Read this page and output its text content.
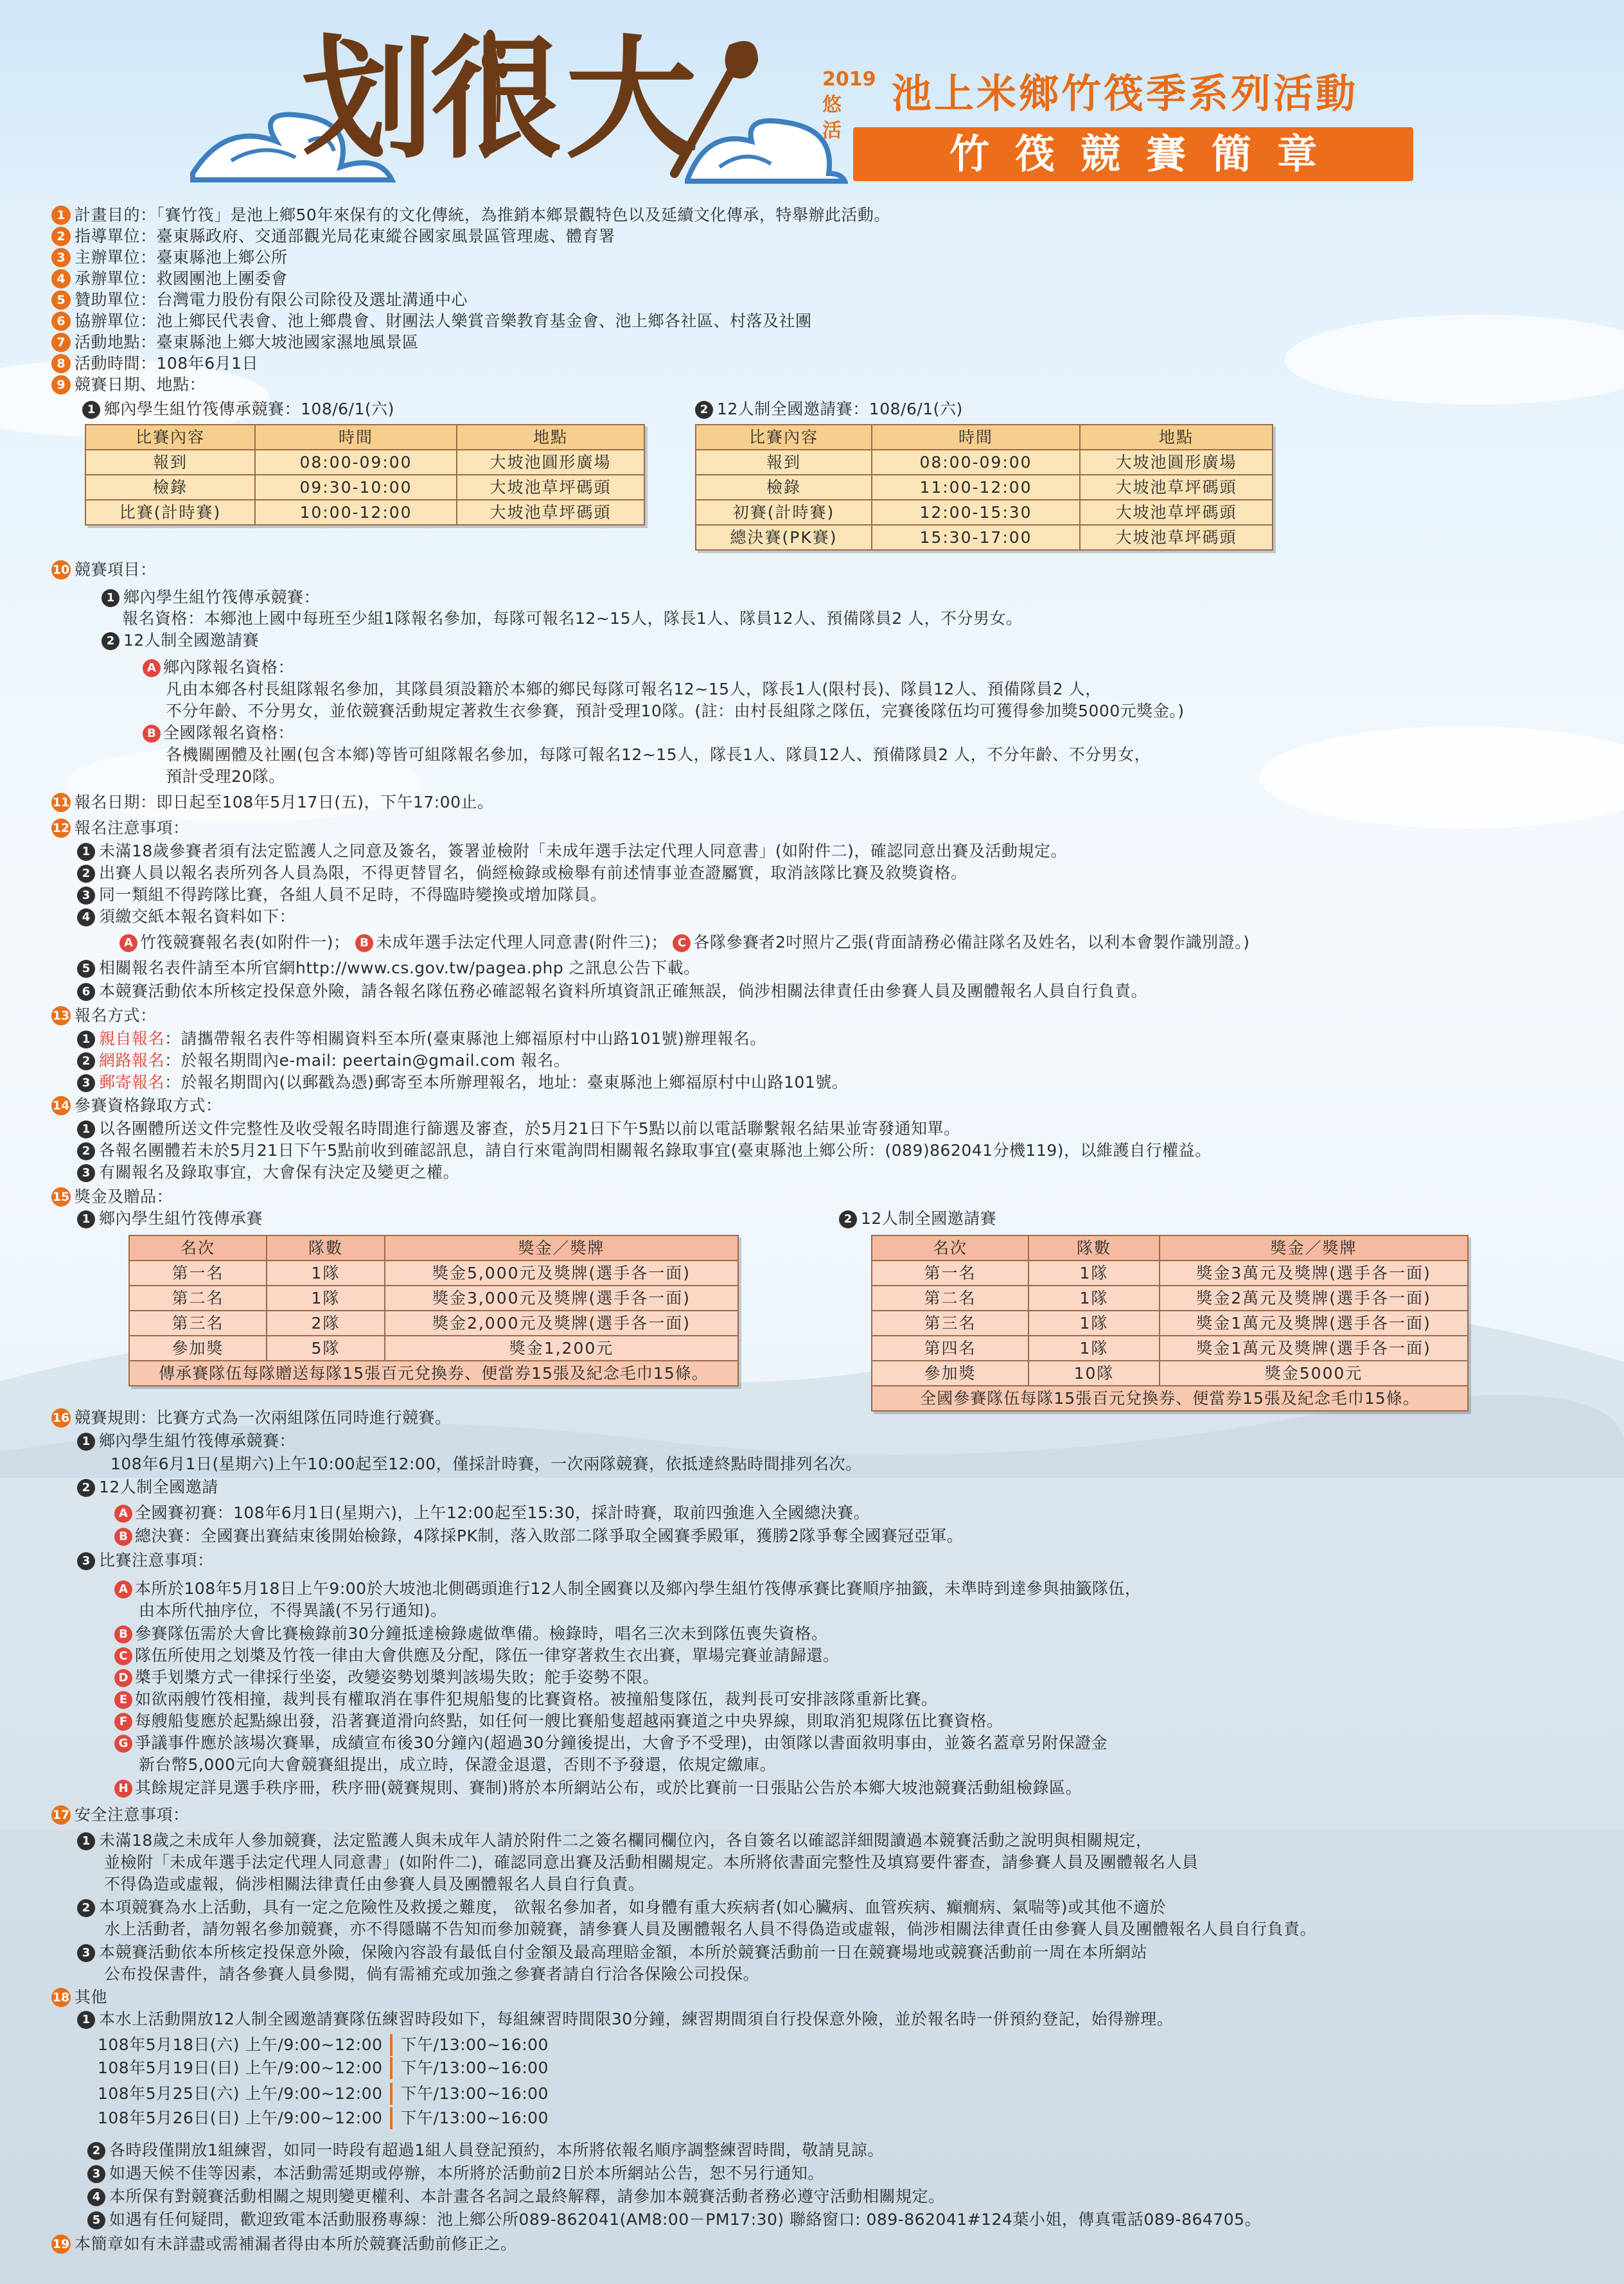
划 很 大	2019
悠活
池上米鄉竹筏季系列活動
竹筏競賽簡章
1 計畫目的：「賽竹筏」是池上鄉50年來保有的文化傳統，為推銷本鄉景觀特色以及延續文化傳承，特舉辦此活動。
2 指導單位：臺東縣政府、交通部觀光局花東縱谷國家風景區管理處、體育署
3 主辦單位：臺東縣池上鄉公所
4 承辦單位：救國團池上團委會
5 贊助單位：台灣電力股份有限公司除役及選址溝通中心
6 協辦單位：池上鄉民代表會、池上鄉農會、財團法人樂賞音樂教育基金會、池上鄉各社區、村落及社團
7 活動地點：臺東縣池上鄉大坡池國家濕地風景區
8 活動時間：108年6月1日
9 競賽日期、地點：
1 鄉內學生組竹筏傳承競賽：108/6/1(六)	2 12人制全國邀請賽：108/6/1(六)
比賽內容	時間	地點
報到	08:00-09:00	大坡池圓形廣場
檢錄	09:30-10:00	大坡池草坪碼頭
比賽(計時賽)	10:00-12:00	大坡池草坪碼頭
比賽內容	時間	地點
報到	08:00-09:00	大坡池圓形廣場
檢錄	11:00-12:00	大坡池草坪碼頭
初賽(計時賽)	12:00-15:30	大坡池草坪碼頭
總決賽(PK賽)	15:30-17:00	大坡池草坪碼頭
10 競賽項目：
1 鄉內學生組竹筏傳承競賽：
報名資格：本鄉池上國中每班至少組1隊報名參加，每隊可報名12~15人，隊長1人、隊員12人、預備隊員2 人，不分男女。
2 12人制全國邀請賽
A 鄉內隊報名資格：
凡由本鄉各村長組隊報名參加，其隊員須設籍於本鄉的鄉民每隊可報名12~15人，隊長1人(限村長)、隊員12人、預備隊員2 人，
不分年齡、不分男女，並依競賽活動規定著救生衣參賽，預計受理10隊。(註：由村長組隊之隊伍，完賽後隊伍均可獲得參加獎5000元獎金。)
B 全國隊報名資格：
各機關團體及社團(包含本鄉)等皆可組隊報名參加，每隊可報名12~15人，隊長1人、隊員12人、預備隊員2 人，不分年齡、不分男女，
預計受理20隊。
11 報名日期：即日起至108年5月17日(五)，下午17:00止。
12 報名注意事項：
1 未滿18歲參賽者須有法定監護人之同意及簽名，簽署並檢附「未成年選手法定代理人同意書」(如附件二)，確認同意出賽及活動規定。
2 出賽人員以報名表所列各人員為限，不得更替冒名，倘經檢錄或檢舉有前述情事並查證屬實，取消該隊比賽及敘獎資格。
3 同一類組不得跨隊比賽，各組人員不足時，不得臨時變換或增加隊員。
4 須繳交紙本報名資料如下：
A 竹筏競賽報名表(如附件一)； B 未成年選手法定代理人同意書(附件三)； C 各隊參賽者2吋照片乙張(背面請務必備註隊名及姓名，以利本會製作識別證。)
5 相關報名表件請至本所官網http://www.cs.gov.tw/pagea.php 之訊息公告下載。
6 本競賽活動依本所核定投保意外險，請各報名隊伍務必確認報名資料所填資訊正確無誤，倘涉相關法律責任由參賽人員及團體報名人員自行負責。
13 報名方式：
1 親自報名：請攜帶報名表件等相關資料至本所(臺東縣池上鄉福原村中山路101號)辦理報名。
2 網路報名：於報名期間內e-mail: peertain@gmail.com 報名。
3 郵寄報名：於報名期間內(以郵戳為憑)郵寄至本所辦理報名，地址：臺東縣池上鄉福原村中山路101號。
14 參賽資格錄取方式：
1 以各團體所送文件完整性及收受報名時間進行篩選及審查，於5月21日下午5點以前以電話聯繫報名結果並寄發通知單。
2 各報名團體若未於5月21日下午5點前收到確認訊息，請自行來電詢問相關報名錄取事宜(臺東縣池上鄉公所：(089)862041分機119)，以維護自行權益。
3 有關報名及錄取事宜，大會保有決定及變更之權。
15 獎金及贈品：
1 鄉內學生組竹筏傳承賽	2 12人制全國邀請賽
名次	隊數	獎金／獎牌
第一名	1隊	獎金5,000元及獎牌(選手各一面)
第二名	1隊	獎金3,000元及獎牌(選手各一面)
第三名	2隊	獎金2,000元及獎牌(選手各一面)
參加獎	5隊	獎金1,200元
傳承賽隊伍每隊贈送每隊15張百元兌換券、便當券15張及紀念毛巾15條。		
名次	隊數	獎金／獎牌
第一名	1隊	獎金3萬元及獎牌(選手各一面)
第二名	1隊	獎金2萬元及獎牌(選手各一面)
第三名	1隊	獎金1萬元及獎牌(選手各一面)
第四名	1隊	獎金1萬元及獎牌(選手各一面)
參加獎	10隊	獎金5000元
全國參賽隊伍每隊15張百元兌換券、便當券15張及紀念毛巾15條。		
16 競賽規則：比賽方式為一次兩組隊伍同時進行競賽。
1 鄉內學生組竹筏傳承競賽：
108年6月1日(星期六)上午10:00起至12:00，僅採計時賽，一次兩隊競賽，依抵達終點時間排列名次。
2 12人制全國邀請
A 全國賽初賽：108年6月1日(星期六)，上午12:00起至15:30，採計時賽，取前四強進入全國總決賽。
B 總決賽：全國賽出賽結束後開始檢錄，4隊採PK制，落入敗部二隊爭取全國賽季殿軍，獲勝2隊爭奪全國賽冠亞軍。
3 比賽注意事項：
A 本所於108年5月18日上午9:00於大坡池北側碼頭進行12人制全國賽以及鄉內學生組竹筏傳承賽比賽順序抽籤，未準時到達參與抽籤隊伍，
由本所代抽序位，不得異議(不另行通知)。
B 參賽隊伍需於大會比賽檢錄前30分鐘抵達檢錄處做準備。檢錄時，唱名三次未到隊伍喪失資格。
C 隊伍所使用之划槳及竹筏一律由大會供應及分配，隊伍一律穿著救生衣出賽，單場完賽並請歸還。
D 槳手划槳方式一律採行坐姿，改變姿勢划槳判該場失敗；舵手姿勢不限。
E 如欲兩艘竹筏相撞，裁判長有權取消在事件犯規船隻的比賽資格。被撞船隻隊伍，裁判長可安排該隊重新比賽。
F 每艘船隻應於起點線出發，沿著賽道滑向終點，如任何一艘比賽船隻超越兩賽道之中央界線，則取消犯規隊伍比賽資格。
G 爭議事件應於該場次賽畢，成績宣布後30分鐘內(超過30分鐘後提出，大會予不受理)，由領隊以書面敘明事由，並簽名蓋章另附保證金
新台幣5,000元向大會競賽組提出，成立時，保證金退還，否則不予發還，依規定繳庫。
H 其餘規定詳見選手秩序冊，秩序冊(競賽規則、賽制)將於本所網站公布，或於比賽前一日張貼公告於本鄉大坡池競賽活動組檢錄區。
17 安全注意事項：
1 未滿18歲之未成年人參加競賽，法定監護人與未成年人請於附件二之簽名欄同欄位內，各自簽名以確認詳細閱讀過本競賽活動之說明與相關規定，
並檢附「未成年選手法定代理人同意書」(如附件二)，確認同意出賽及活動相關規定。本所將依書面完整性及填寫要件審查，請參賽人員及團體報名人員
不得偽造或虛報，倘涉相關法律責任由參賽人員及團體報名人員自行負責。
2 本項競賽為水上活動，具有一定之危險性及救援之難度， 欲報名參加者，如身體有重大疾病者(如心臟病、血管疾病、癲癇病、氣喘等)或其他不適於
水上活動者，請勿報名參加競賽，亦不得隱瞞不告知而參加競賽，請參賽人員及團體報名人員不得偽造或虛報，倘涉相關法律責任由參賽人員及團體報名人員自行負責。
3 本競賽活動依本所核定投保意外險，保險內容設有最低自付金額及最高理賠金額，本所於競賽活動前一日在競賽場地或競賽活動前一周在本所網站
公布投保書件，請各參賽人員參閱，倘有需補充或加強之參賽者請自行洽各保險公司投保。
18 其他
1 本水上活動開放12人制全國邀請賽隊伍練習時段如下，每組練習時間限30分鐘，練習期間須自行投保意外險，並於報名時一併預約登記，始得辦理。
108年5月18日(六) 上午/9:00~12:00 下午/13:00~16:00
108年5月19日(日) 上午/9:00~12:00 下午/13:00~16:00
108年5月25日(六) 上午/9:00~12:00 下午/13:00~16:00
108年5月26日(日) 上午/9:00~12:00 下午/13:00~16:00
2 各時段僅開放1組練習，如同一時段有超過1組人員登記預約，本所將依報名順序調整練習時間，敬請見諒。
3 如遇天候不佳等因素，本活動需延期或停辦，本所將於活動前2日於本所網站公告，恕不另行通知。
4 本所保有對競賽活動相關之規則變更權利、本計畫各名詞之最終解釋，請參加本競賽活動者務必遵守活動相關規定。
5 如遇有任何疑問，歡迎致電本活動服務專線：池上鄉公所089-862041(AM8:00－PM17:30) 聯絡窗口: 089-862041#124葉小姐，傳真電話089-864705。
19 本簡章如有未詳盡或需補漏者得由本所於競賽活動前修正之。
